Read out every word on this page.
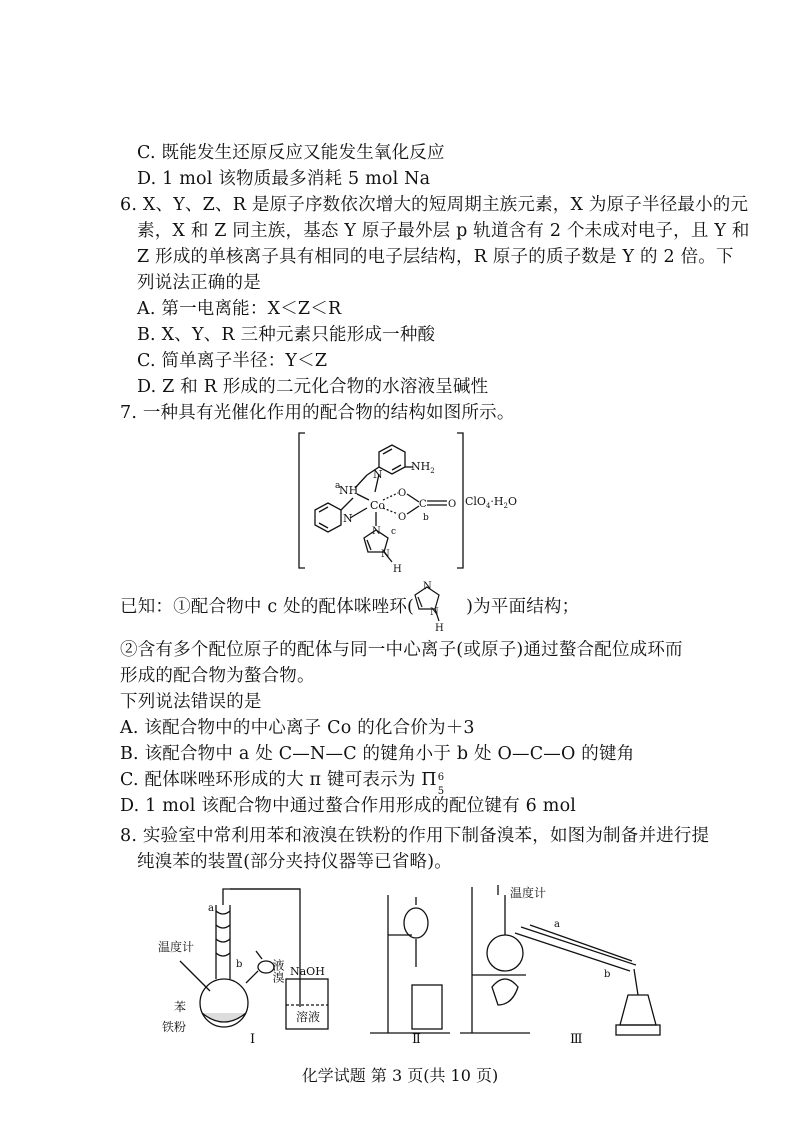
C. 既能发生还原反应又能发生氧化反应
D. 1 mol 该物质最多消耗 5 mol Na
6. X、Y、Z、R 是原子序数依次增大的短周期主族元素，X 为原子半径最小的元
素，X 和 Z 同主族，基态 Y 原子最外层 p 轨道含有 2 个未成对电子，且 Y 和
Z 形成的单核离子具有相同的电子层结构，R 原子的质子数是 Y 的 2 倍。下
列说法正确的是
A. 第一电离能：X＜Z＜R
B. X、Y、R 三种元素只能形成一种酸
C. 简单离子半径：Y＜Z
D. Z 和 R 形成的二元化合物的水溶液呈碱性
7. 一种具有光催化作用的配合物的结构如图所示。
$NH_2$
N
NH
a
Co
N
O
O
C
b
O
N c
N
H
$ClO_4\cdot H_2O$
已知：①配合物中 c 处的配体咪唑环(	)为平面结构；
N
N
H
②含有多个配位原子的配体与同一中心离子(或原子)通过螯合配位成环而
形成的配合物为螯合物。
下列说法错误的是
A. 该配合物中的中心离子 Co 的化合价为＋3
B. 该配合物中 a 处 C—N—C 的键角小于 b 处 O—C—O 的键角
C. 配体咪唑环形成的大 π 键可表示为 Π 6
5
D. 1 mol 该配合物中通过螯合作用形成的配位键有 6 mol
8. 实验室中常利用苯和液溴在铁粉的作用下制备溴苯，如图为制备并进行提
纯溴苯的装置(部分夹持仪器等已省略)。
a
温度计
b 液溴
苯
铁粉
NaOH
溶液
Ⅰ	Ⅱ
温度计
a
b
Ⅲ
化学试题 第 3 页(共 10 页)
